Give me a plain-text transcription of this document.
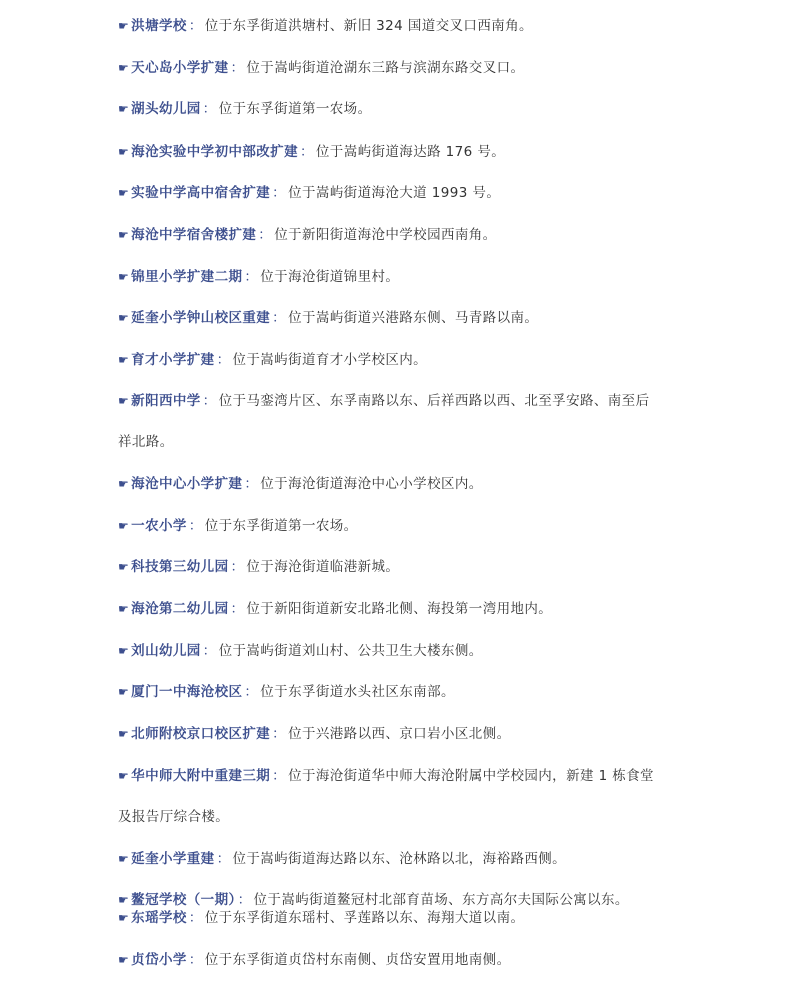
☛ 洪塘学校 ： 位于东孚街道洪塘村、新旧 324 国道交叉口西南角。
☛ 天心岛小学扩建 ： 位于嵩屿街道沧湖东三路与滨湖东路交叉口。
☛ 湖头幼儿园 ： 位于东孚街道第一农场。
☛ 海沧实验中学初中部改扩建 ： 位于嵩屿街道海达路 176 号。
☛ 实验中学高中宿舍扩建 ： 位于嵩屿街道海沧大道 1993 号。
☛ 海沧中学宿舍楼扩建 ： 位于新阳街道海沧中学校园西南角。
☛ 锦里小学扩建二期 ： 位于海沧街道锦里村。
☛ 延奎小学钟山校区重建 ： 位于嵩屿街道兴港路东侧、马青路以南。
☛ 育才小学扩建 ： 位于嵩屿街道育才小学校区内。
☛ 新阳西中学 ： 位于马銮湾片区、东孚南路以东、后祥西路以西、北至孚安路、南至后
祥北路。
☛ 海沧中心小学扩建 ： 位于海沧街道海沧中心小学校区内。
☛ 一农小学 ： 位于东孚街道第一农场。
☛ 科技第三幼儿园 ： 位于海沧街道临港新城。
☛ 海沧第二幼儿园 ： 位于新阳街道新安北路北侧、海投第一湾用地内。
☛ 刘山幼儿园 ： 位于嵩屿街道刘山村、公共卫生大楼东侧。
☛ 厦门一中海沧校区 ： 位于东孚街道水头社区东南部。
☛ 北师附校京口校区扩建 ： 位于兴港路以西、京口岩小区北侧。
☛ 华中师大附中重建三期 ： 位于海沧街道华中师大海沧附属中学校园内，新建 1 栋食堂
及报告厅综合楼。
☛ 延奎小学重建 ： 位于嵩屿街道海达路以东、沧林路以北，海裕路西侧。
☛ 鳌冠学校（一期） ： 位于嵩屿街道鳌冠村北部育苗场、东方高尔夫国际公寓以东。
☛ 东瑶学校 ： 位于东孚街道东瑶村、孚莲路以东、海翔大道以南。
☛ 贞岱小学 ： 位于东孚街道贞岱村东南侧、贞岱安置用地南侧。
